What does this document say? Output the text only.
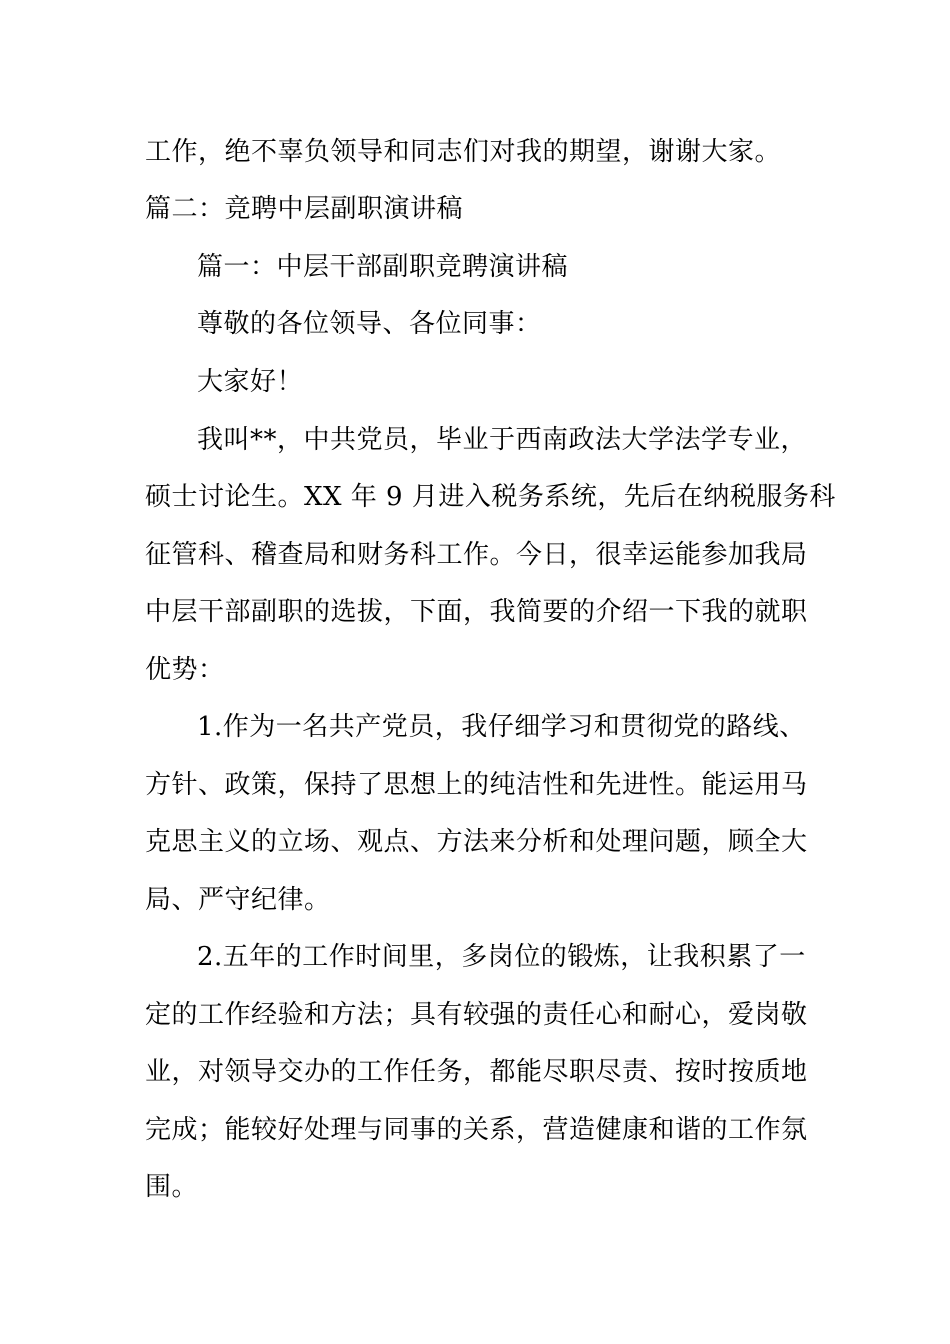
工作，绝不辜负领导和同志们对我的期望，谢谢大家。
篇二：竞聘中层副职演讲稿
篇一：中层干部副职竞聘演讲稿
尊敬的各位领导、各位同事：
大家好！
我叫**，中共党员，毕业于西南政法大学法学专业，
硕士讨论生。XX 年 9 月进入税务系统，先后在纳税服务科
征管科、稽查局和财务科工作。今日，很幸运能参加我局
中层干部副职的选拔，下面，我简要的介绍一下我的就职
优势：
1.作为一名共产党员，我仔细学习和贯彻党的路线、
方针、政策，保持了思想上的纯洁性和先进性。能运用马
克思主义的立场、观点、方法来分析和处理问题，顾全大
局、严守纪律。
2.五年的工作时间里，多岗位的锻炼，让我积累了一
定的工作经验和方法；具有较强的责任心和耐心，爱岗敬
业，对领导交办的工作任务，都能尽职尽责、按时按质地
完成；能较好处理与同事的关系，营造健康和谐的工作氛
围。
